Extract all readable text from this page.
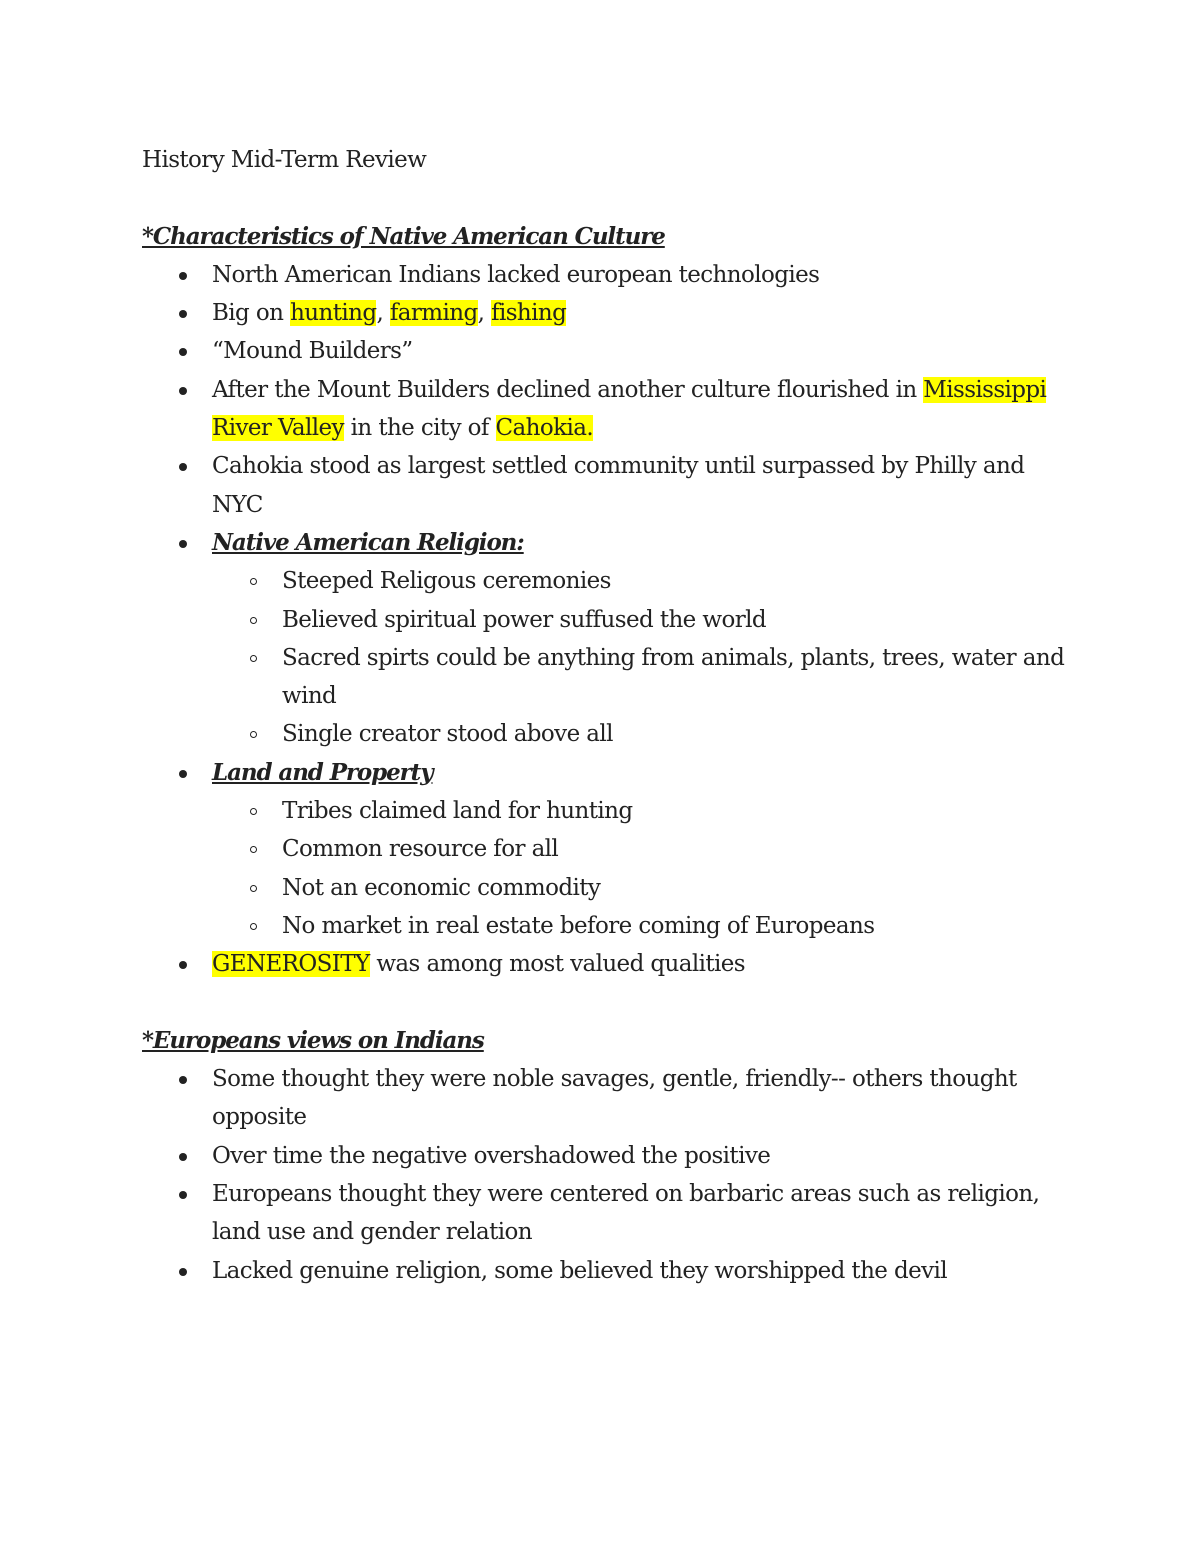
History Mid-Term Review
*Characteristics of Native American Culture
North American Indians lacked european technologies
Big on hunting, farming, fishing
“Mound Builders”
After the Mount Builders declined another culture flourished in Mississippi River Valley in the city of Cahokia.
Cahokia stood as largest settled community until surpassed by Philly and NYC
Native American Religion:
Steeped Religous ceremonies
Believed spiritual power suffused the world
Sacred spirts could be anything from animals, plants, trees, water and wind
Single creator stood above all
Land and Property
Tribes claimed land for hunting
Common resource for all
Not an economic commodity
No market in real estate before coming of Europeans
GENEROSITY was among most valued qualities
*Europeans views on Indians
Some thought they were noble savages, gentle, friendly-- others thought opposite
Over time the negative overshadowed the positive
Europeans thought they were centered on barbaric areas such as religion, land use and gender relation
Lacked genuine religion, some believed they worshipped the devil
